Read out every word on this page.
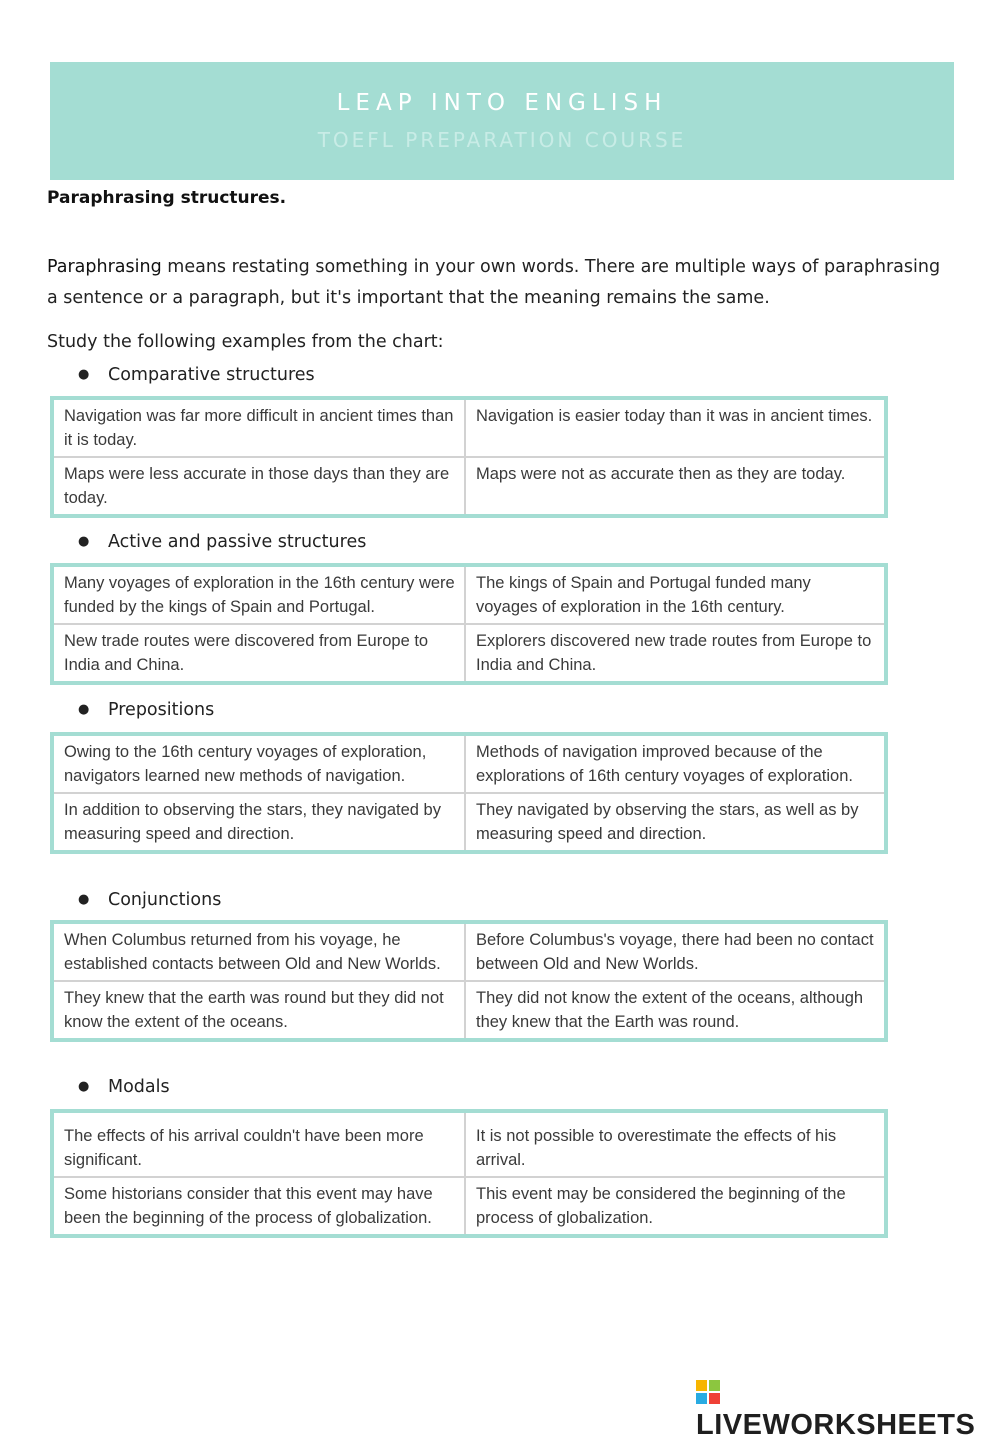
LEAP INTO ENGLISH
TOEFL PREPARATION COURSE
Paraphrasing structures.
Paraphrasing means restating something in your own words. There are multiple ways of paraphrasing a sentence or a paragraph, but it's important that the meaning remains the same.
Study the following examples from the chart:
● Comparative structures
Navigation was far more difficult in ancient times than it is today.	Navigation is easier today than it was in ancient times.
Maps were less accurate in those days than they are today.	Maps were not as accurate then as they are today.
● Active and passive structures
Many voyages of exploration in the 16th century were funded by the kings of Spain and Portugal.	The kings of Spain and Portugal funded many voyages of exploration in the 16th century.
New trade routes were discovered from Europe to India and China.	Explorers discovered new trade routes from Europe to India and China.
● Prepositions
Owing to the 16th century voyages of exploration, navigators learned new methods of navigation.	Methods of navigation improved because of the explorations of 16th century voyages of exploration.
In addition to observing the stars, they navigated by measuring speed and direction.	They navigated by observing the stars, as well as by measuring speed and direction.
● Conjunctions
When Columbus returned from his voyage, he established contacts between Old and New Worlds.	Before Columbus's voyage, there had been no contact between Old and New Worlds.
They knew that the earth was round but they did not know the extent of the oceans.	They did not know the extent of the oceans, although they knew that the Earth was round.
● Modals
The effects of his arrival couldn't have been more significant.	It is not possible to overestimate the effects of his arrival.
Some historians consider that this event may have been the beginning of the process of globalization.	This event may be considered the beginning of the process of globalization.
LIVEWORKSHEETS
